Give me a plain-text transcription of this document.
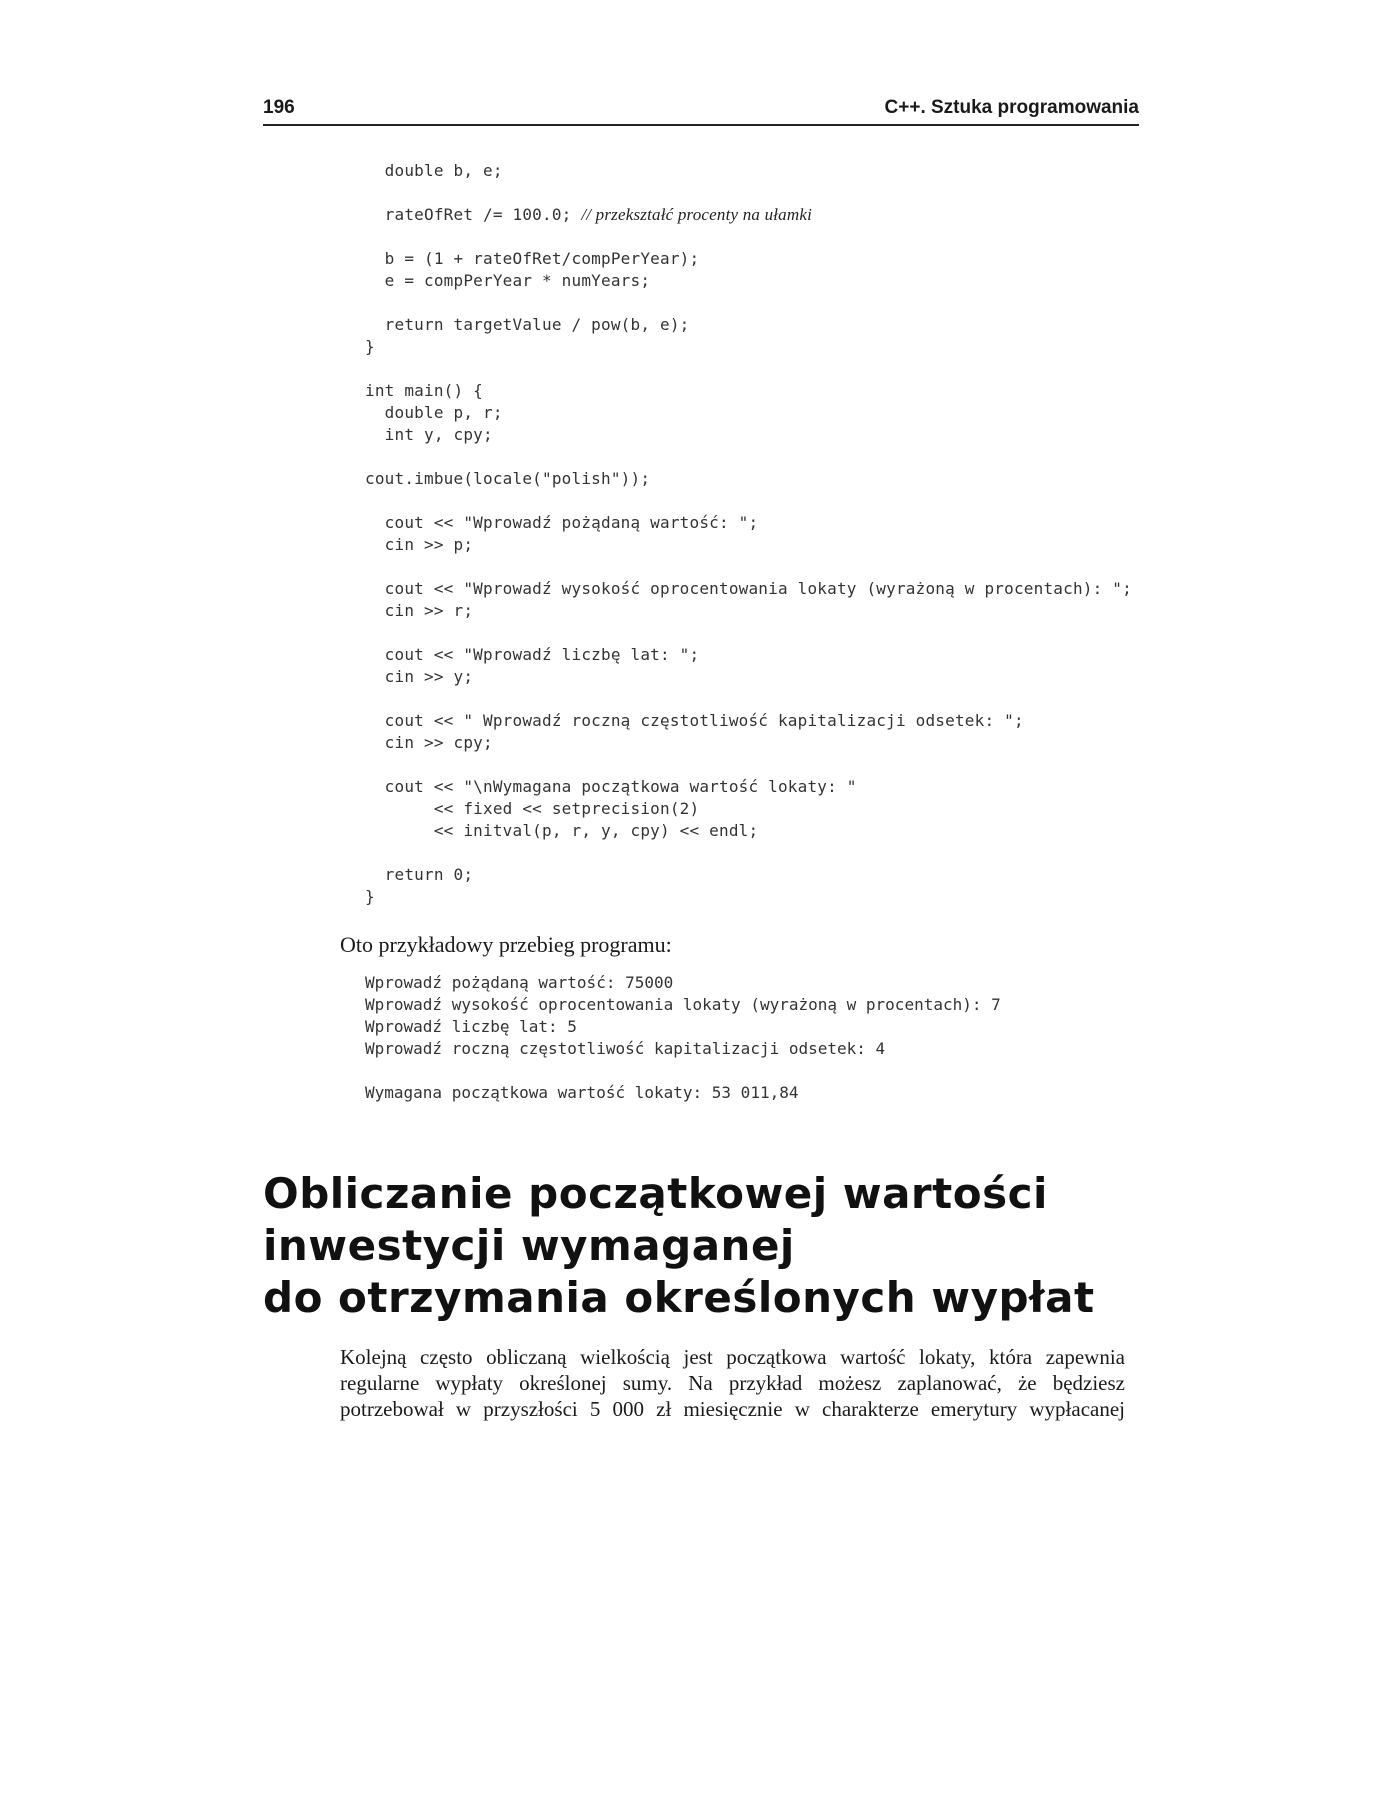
196	C++. Sztuka programowania
double b, e;
rateOfRet /= 100.0; // przekształć procenty na ułamki
b = (1 + rateOfRet/compPerYear);
e = compPerYear * numYears;
return targetValue / pow(b, e);
}
int main() {
double p, r;
int y, cpy;
cout.imbue(locale("polish"));
cout << "Wprowadź pożądaną wartość: ";
cin >> p;
cout << "Wprowadź wysokość oprocentowania lokaty (wyrażoną w procentach): ";
cin >> r;
cout << "Wprowadź liczbę lat: ";
cin >> y;
cout << " Wprowadź roczną częstotliwość kapitalizacji odsetek: ";
cin >> cpy;
cout << "\nWymagana początkowa wartość lokaty: "
<< fixed << setprecision(2)
<< initval(p, r, y, cpy) << endl;
return 0;
}
Oto przykładowy przebieg programu:
Wprowadź pożądaną wartość: 75000
Wprowadź wysokość oprocentowania lokaty (wyrażoną w procentach): 7
Wprowadź liczbę lat: 5
Wprowadź roczną częstotliwość kapitalizacji odsetek: 4
Wymagana początkowa wartość lokaty: 53 011,84
Obliczanie początkowej wartości
inwestycji wymaganej
do otrzymania określonych wypłat
Kolejną często obliczaną wielkością jest początkowa wartość lokaty, która zapewnia
regularne wypłaty określonej sumy. Na przykład możesz zaplanować, że będziesz
potrzebował w przyszłości 5 000 zł miesięcznie w charakterze emerytury wypłacanej
